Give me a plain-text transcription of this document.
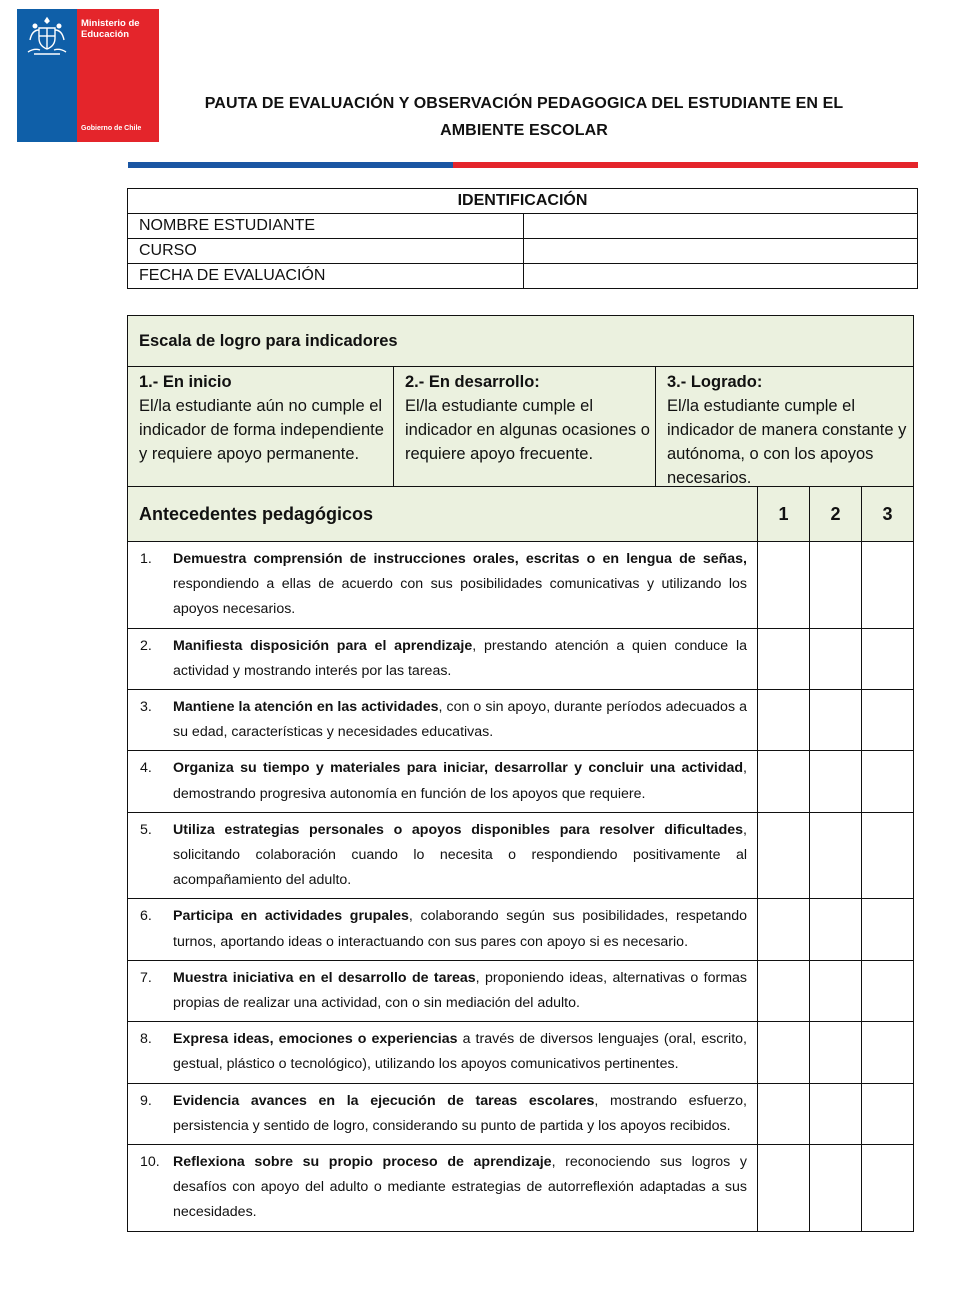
Ministerio de Educación
Gobierno de Chile
PAUTA DE EVALUACIÓN Y OBSERVACIÓN PEDAGOGICA DEL ESTUDIANTE EN EL
AMBIENTE ESCOLAR
IDENTIFICACIÓN	
NOMBRE ESTUDIANTE	
CURSO	
FECHA DE EVALUACIÓN	
Escala de logro para indicadores

1.- En inicio
El/la estudiante aún no cumple el indicador de forma independiente y requiere apoyo permanente.

2.- En desarrollo:
El/la estudiante cumple el indicador en algunas ocasiones o requiere apoyo frecuente.

3.- Logrado:
El/la estudiante cumple el indicador de manera constante y autónoma, o con los apoyos necesarios.
Antecedentes pedagógicos	1	2	3

1. Demuestra comprensión de instrucciones orales, escritas o en lengua de señas, respondiendo a ellas de acuerdo con sus posibilidades comunicativas y utilizando los apoyos necesarios.			

2. Manifiesta disposición para el aprendizaje, prestando atención a quien conduce la actividad y mostrando interés por las tareas.			

3. Mantiene la atención en las actividades, con o sin apoyo, durante períodos adecuados a su edad, características y necesidades educativas.			

4. Organiza su tiempo y materiales para iniciar, desarrollar y concluir una actividad, demostrando progresiva autonomía en función de los apoyos que requiere.			

5. Utiliza estrategias personales o apoyos disponibles para resolver dificultades, solicitando colaboración cuando lo necesita o respondiendo positivamente al acompañamiento del adulto.			

6. Participa en actividades grupales, colaborando según sus posibilidades, respetando turnos, aportando ideas o interactuando con sus pares con apoyo si es necesario.			

7. Muestra iniciativa en el desarrollo de tareas, proponiendo ideas, alternativas o formas propias de realizar una actividad, con o sin mediación del adulto.			

8. Expresa ideas, emociones o experiencias a través de diversos lenguajes (oral, escrito, gestual, plástico o tecnológico), utilizando los apoyos comunicativos pertinentes.			

9. Evidencia avances en la ejecución de tareas escolares, mostrando esfuerzo, persistencia y sentido de logro, considerando su punto de partida y los apoyos recibidos.			

10. Reflexiona sobre su propio proceso de aprendizaje, reconociendo sus logros y desafíos con apoyo del adulto o mediante estrategias de autorreflexión adaptadas a sus necesidades.			
